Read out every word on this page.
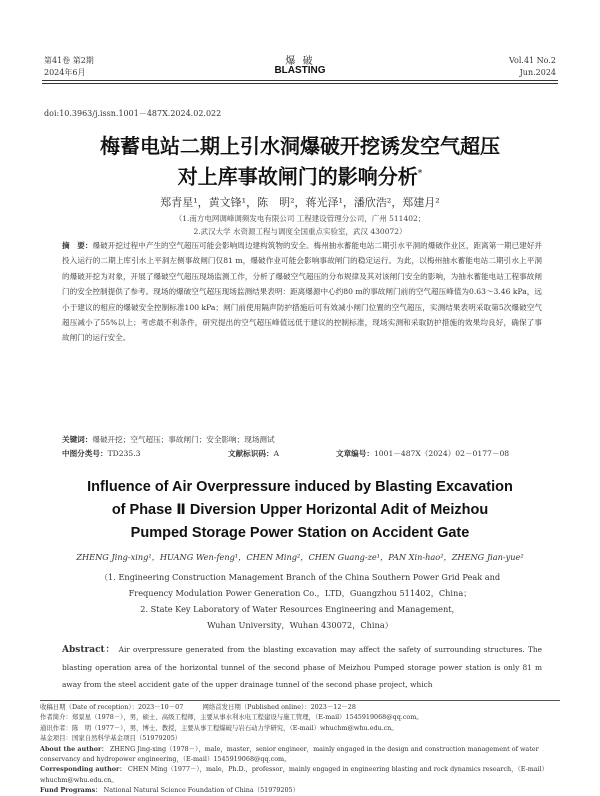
第41卷 第2期
2024年6月
爆 破
BLASTING
Vol.41 No.2
Jun.2024
doi:10.3963/j.issn.1001－487X.2024.02.022
梅蓄电站二期上引水洞爆破开挖诱发空气超压
对上库事故闸门的影响分析*
郑青星¹，黄文锋¹，陈　明²，蒋光泽¹，潘欣浩²，郑建月²
（1.南方电网调峰调频发电有限公司 工程建设管理分公司，广州 511402；
2.武汉大学 水资源工程与调度全国重点实验室，武汉 430072）
摘　要：爆破开挖过程中产生的空气超压可能会影响周边建构筑物的安全。梅州抽水蓄能电站二期引水平洞的爆破作业区，距离第一期已建好并投入运行的二期上库引水上平洞左侧事故闸门仅81 m，爆破作业可能会影响事故闸门的稳定运行。为此，以梅州抽水蓄能电站二期引水上平洞的爆破开挖为对象，开展了爆破空气超压现场监测工作，分析了爆破空气超压的分布规律及其对该闸门安全的影响，为抽水蓄能电站工程事故闸门的安全控制提供了参考。现场的爆破空气超压现场监测结果表明：距离爆源中心约80 m的事故闸门前的空气超压峰值为0.63～3.46 kPa，远小于建议的相应的爆破安全控制标准100 kPa；闸门前使用隔声防护措施后可有效减小闸门位置的空气超压，实测结果表明采取第5次爆破空气超压减小了55%以上；考虑最不利条件，研究提出的空气超压峰值远低于建议的控制标准，现场实测和采取防护措施的效果均良好，确保了事故闸门的运行安全。
关键词：爆破开挖；空气超压；事故闸门；安全影响；现场测试
中图分类号：TD235.3	文献标识码：A	文章编号：1001－487X（2024）02－0177－08
Influence of Air Overpressure induced by Blasting Excavation
of Phase Ⅱ Diversion Upper Horizontal Adit of Meizhou
Pumped Storage Power Station on Accident Gate
ZHENG Jing-xing¹，HUANG Wen-feng¹，CHEN Ming²，CHEN Guang-ze¹，PAN Xin-hao²，ZHENG Jian-yue²
（1. Engineering Construction Management Branch of the China Southern Power Grid Peak and
Frequency Modulation Power Generation Co.，LTD，Guangzhou 511402，China；
2. State Key Laboratory of Water Resources Engineering and Management，
Wuhan University，Wuhan 430072，China）
Abstract： Air overpressure generated from the blasting excavation may affect the safety of surrounding structures. The blasting operation area of the horizontal tunnel of the second phase of Meizhou Pumped storage power station is only 81 m away from the steel accident gate of the upper drainage tunnel of the second phase project, which
收稿日期（Date of reception）：2023－10－07　　　网络首发日期（Published online）：2023－12－28
作者简介：郑景星（1978－），男，硕士、高级工程师，主要从事水利水电工程建设与施工管理，（E-mail）1545919068@qq.com。
通讯作者：陈　明（1977－），男，博士、教授，主要从事工程爆破与岩石动力学研究，（E-mail）whuchm@whu.edu.cn。
基金项目：国家自然科学基金项目（51979205）
About the author： ZHENG Jing-xing（1978－），male，master，senior engineer，mainly engaged in the design and construction management of water conservancy and hydropower engineering，（E-mail）1545919068@qq.com。
Corresponding author： CHEN Ming（1977－），male，Ph.D.，professor，mainly engaged in engineering blasting and rock dynamics research，（E-mail）whuchm@whu.edu.cn。
Fund Programs： National Natural Science Foundation of China（51979205）
